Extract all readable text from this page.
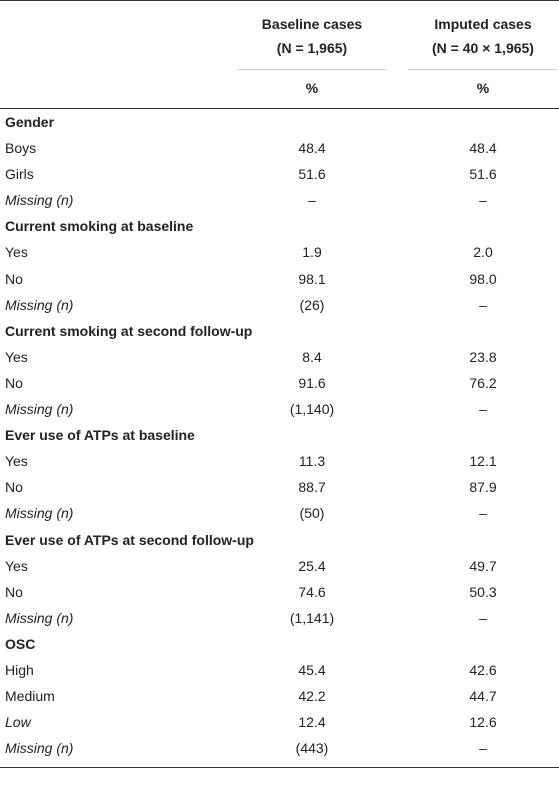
Baseline cases
(N = 1,965)
Imputed cases
(N = 40 × 1,965)
%	%
Gender
Boys	48.4	48.4
Girls	51.6	51.6
Missing (n)	–	–
Current smoking at baseline
Yes	1.9	2.0
No	98.1	98.0
Missing (n)	(26)	–
Current smoking at second follow-up
Yes	8.4	23.8
No	91.6	76.2
Missing (n)	(1,140)	–
Ever use of ATPs at baseline
Yes	11.3	12.1
No	88.7	87.9
Missing (n)	(50)	–
Ever use of ATPs at second follow-up
Yes	25.4	49.7
No	74.6	50.3
Missing (n)	(1,141)	–
OSC
High	45.4	42.6
Medium	42.2	44.7
Low	12.4	12.6
Missing (n)	(443)	–
